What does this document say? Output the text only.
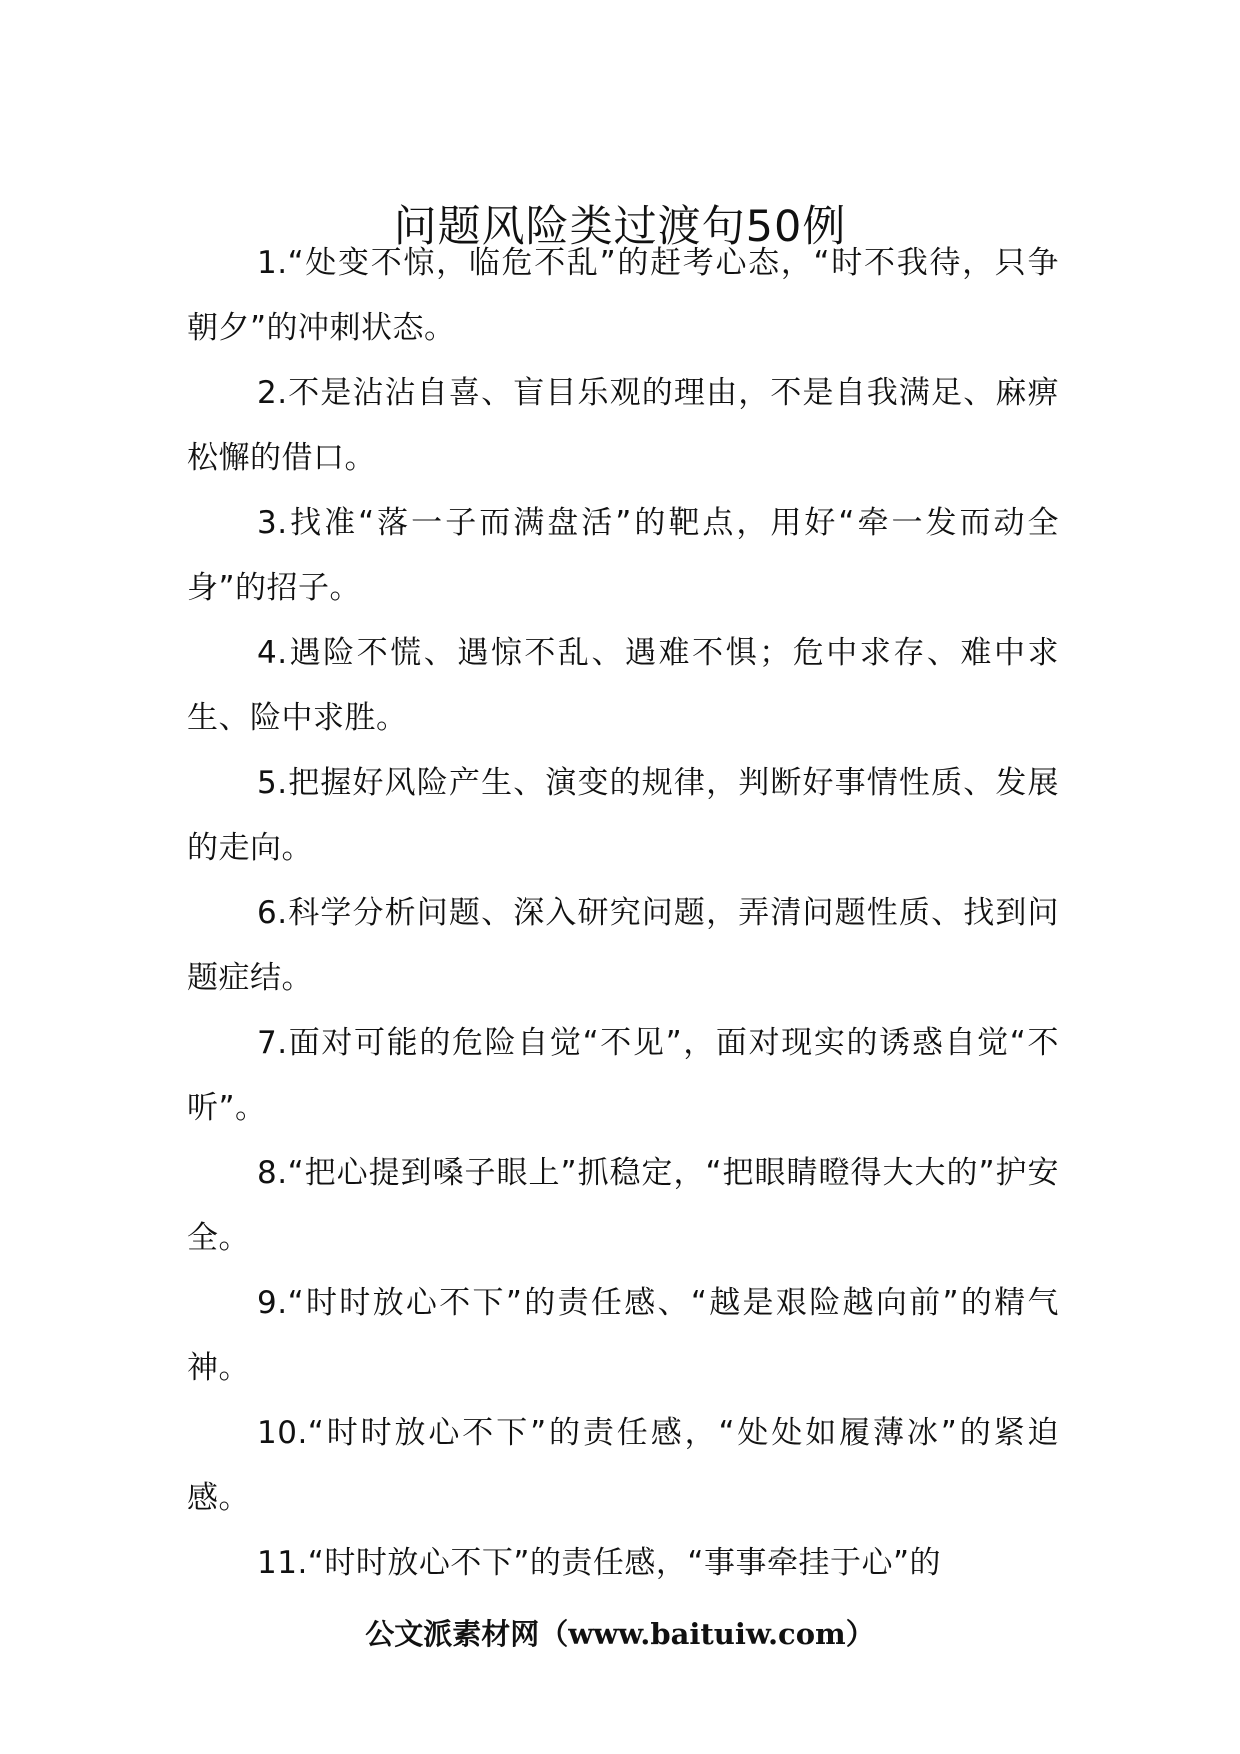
问题风险类过渡句50例

1.“处变不惊，临危不乱”的赶考心态，“时不我待，只争朝夕”的冲刺状态。

2.不是沾沾自喜、盲目乐观的理由，不是自我满足、麻痹松懈的借口。

3.找准“落一子而满盘活”的靶点，用好“牵一发而动全身”的招子。

4.遇险不慌、遇惊不乱、遇难不惧；危中求存、难中求生、险中求胜。

5.把握好风险产生、演变的规律，判断好事情性质、发展的走向。

6.科学分析问题、深入研究问题，弄清问题性质、找到问题症结。

7.面对可能的危险自觉“不见”，面对现实的诱惑自觉“不听”。

8.“把心提到嗓子眼上”抓稳定，“把眼睛瞪得大大的”护安全。

9.“时时放心不下”的责任感、“越是艰险越向前”的精气神。

10.“时时放心不下”的责任感，“处处如履薄冰”的紧迫感。

11.“时时放心不下”的责任感，“事事牵挂于心”的

公文派素材网（www.baituiw.com）
